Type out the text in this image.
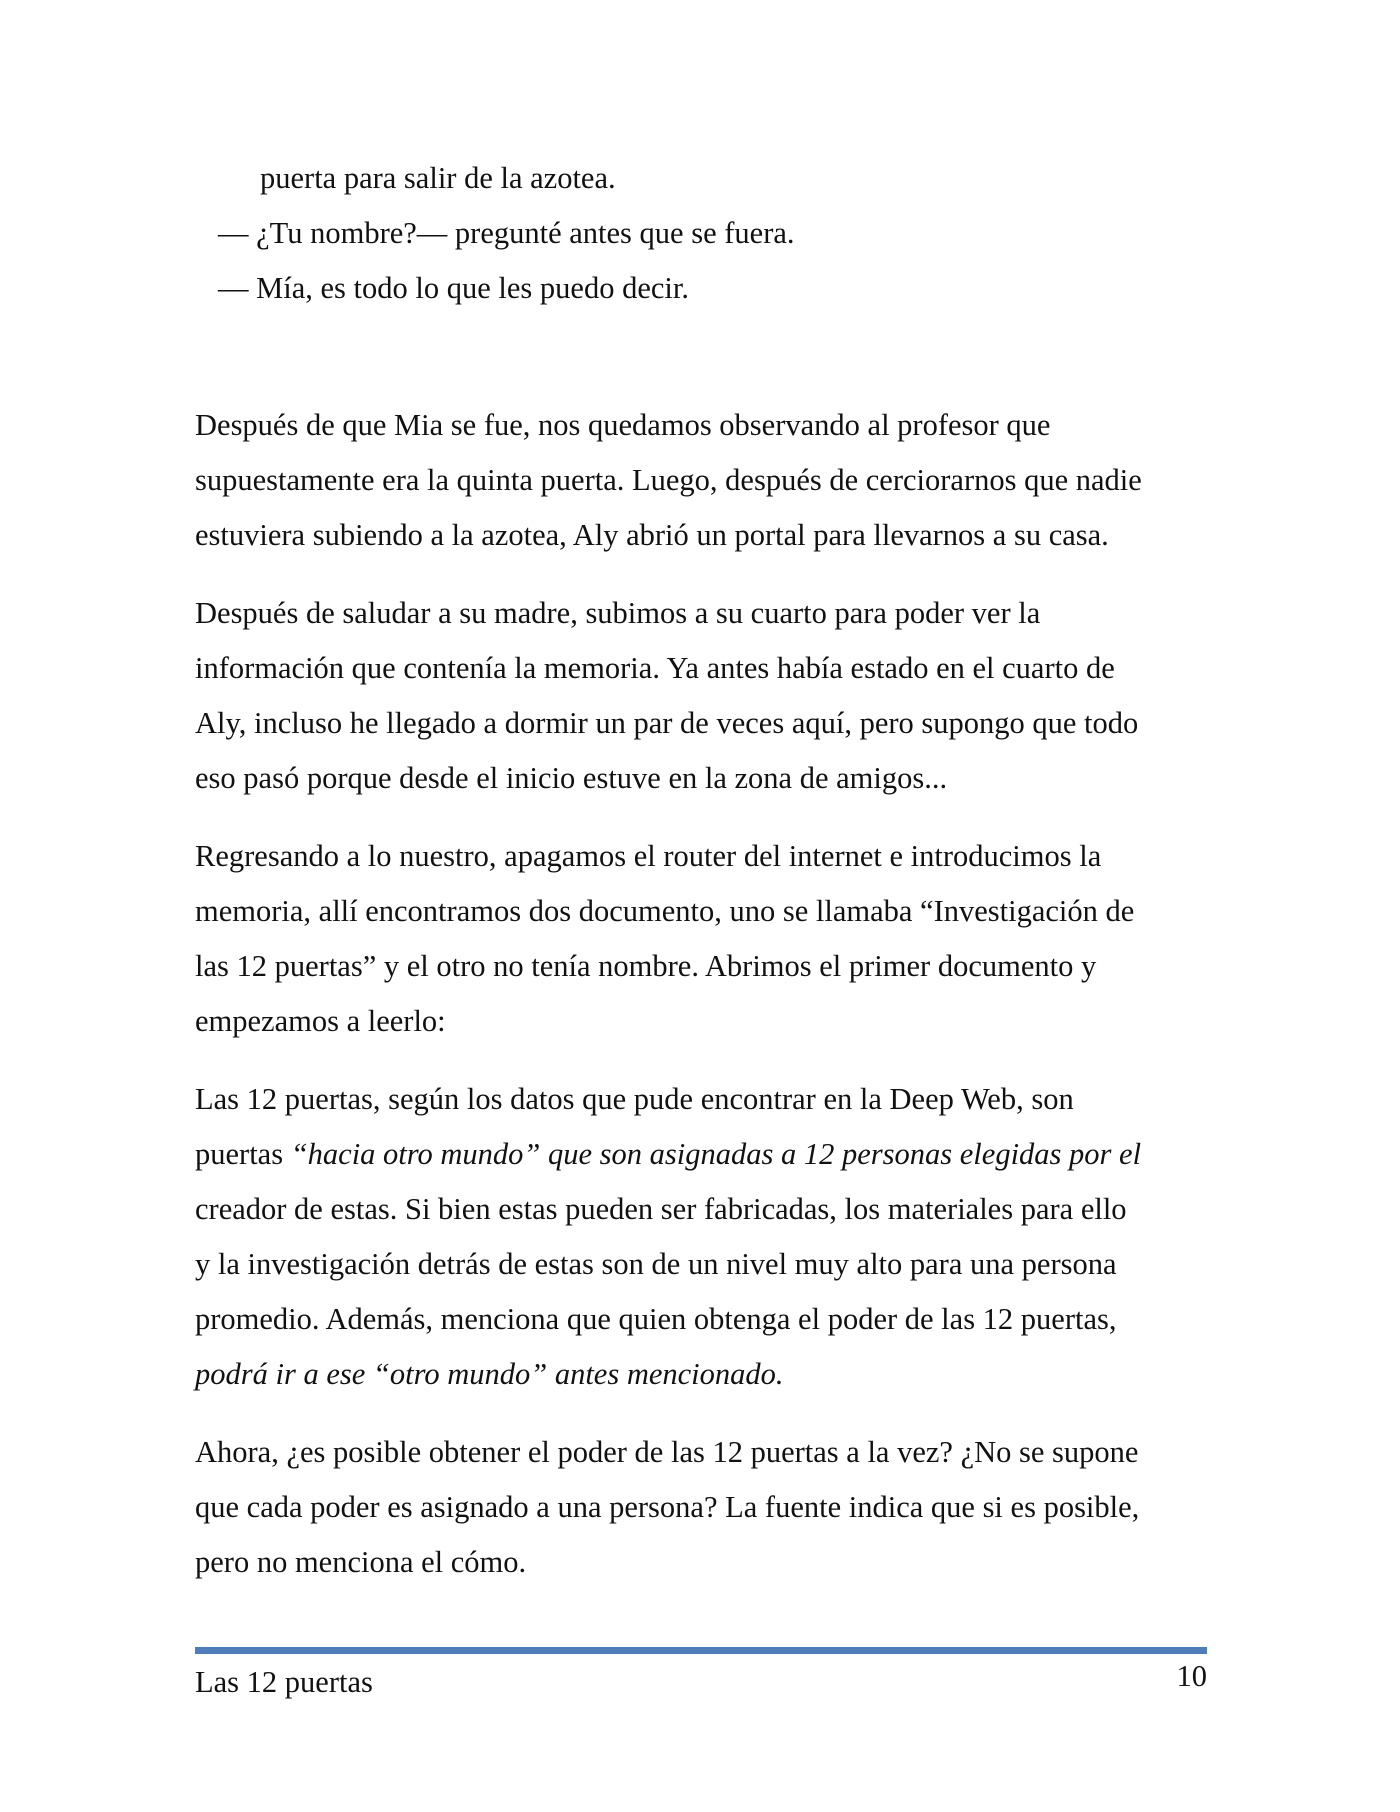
puerta para salir de la azotea.
— ¿Tu nombre?— pregunté antes que se fuera.
— Mía, es todo lo que les puedo decir.

Después de que Mia se fue, nos quedamos observando al profesor que
supuestamente era la quinta puerta. Luego, después de cerciorarnos que nadie
estuviera subiendo a la azotea, Aly abrió un portal para llevarnos a su casa.

Después de saludar a su madre, subimos a su cuarto para poder ver la
información que contenía la memoria. Ya antes había estado en el cuarto de
Aly, incluso he llegado a dormir un par de veces aquí, pero supongo que todo
eso pasó porque desde el inicio estuve en la zona de amigos...

Regresando a lo nuestro, apagamos el router del internet e introducimos la
memoria, allí encontramos dos documento, uno se llamaba “Investigación de
las 12 puertas” y el otro no tenía nombre. Abrimos el primer documento y
empezamos a leerlo:

Las 12 puertas, según los datos que pude encontrar en la Deep Web, son
puertas “hacia otro mundo” que son asignadas a 12 personas elegidas por el
creador de estas. Si bien estas pueden ser fabricadas, los materiales para ello
y la investigación detrás de estas son de un nivel muy alto para una persona
promedio. Además, menciona que quien obtenga el poder de las 12 puertas,
podrá ir a ese “otro mundo” antes mencionado.

Ahora, ¿es posible obtener el poder de las 12 puertas a la vez? ¿No se supone
que cada poder es asignado a una persona? La fuente indica que si es posible,
pero no menciona el cómo.

Las 12 puertas	10
